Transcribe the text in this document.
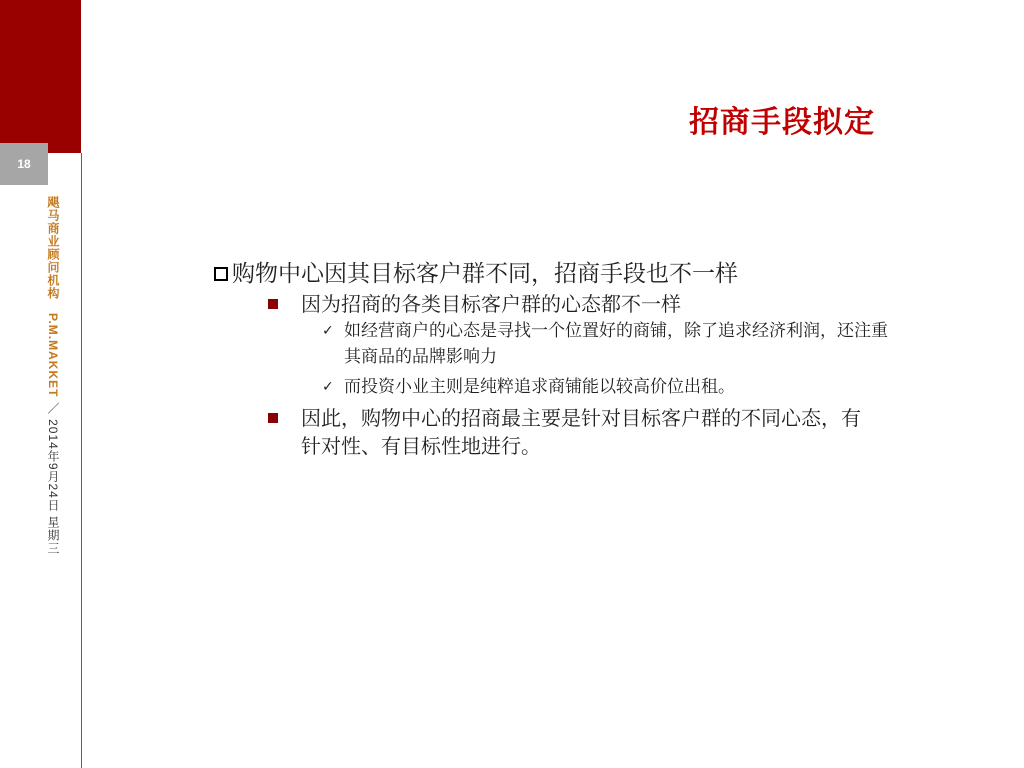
18
飓马商业顾问机构　P.M.MAKKET ／ 2014年9月24日 星期三
招商手段拟定
购物中心因其目标客户群不同，招商手段也不一样
因为招商的各类目标客户群的心态都不一样
✓ 如经营商户的心态是寻找一个位置好的商铺，除了追求经济利润，还注重其商品的品牌影响力
✓ 而投资小业主则是纯粹追求商铺能以较高价位出租。
因此，购物中心的招商最主要是针对目标客户群的不同心态，有针对性、有目标性地进行。
